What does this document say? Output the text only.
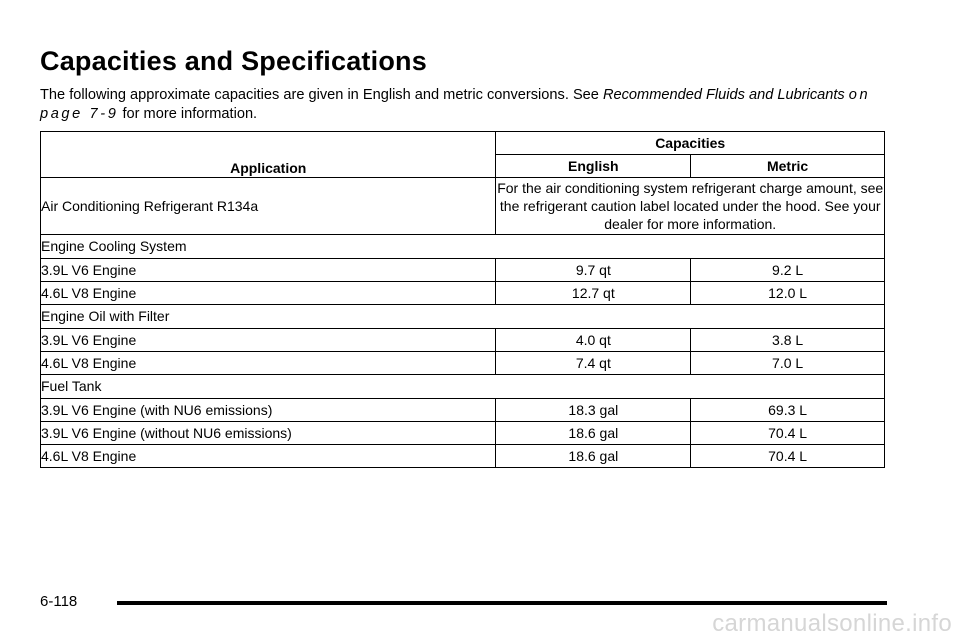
Capacities and Specifications

The following approximate capacities are given in English and metric conversions. See Recommended Fluids and Lubricants on page 7-9 for more information.

Application	Capacities	
	English	Metric
Air Conditioning Refrigerant R134a	For the air conditioning system refrigerant charge amount, see the refrigerant caution label located under the hood. See your dealer for more information.	
Engine Cooling System		
3.9L V6 Engine	9.7 qt	9.2 L
4.6L V8 Engine	12.7 qt	12.0 L
Engine Oil with Filter		
3.9L V6 Engine	4.0 qt	3.8 L
4.6L V8 Engine	7.4 qt	7.0 L
Fuel Tank		
3.9L V6 Engine (with NU6 emissions)	18.3 gal	69.3 L
3.9L V6 Engine (without NU6 emissions)	18.6 gal	70.4 L
4.6L V8 Engine	18.6 gal	70.4 L
6-118
carmanualsonline.info
